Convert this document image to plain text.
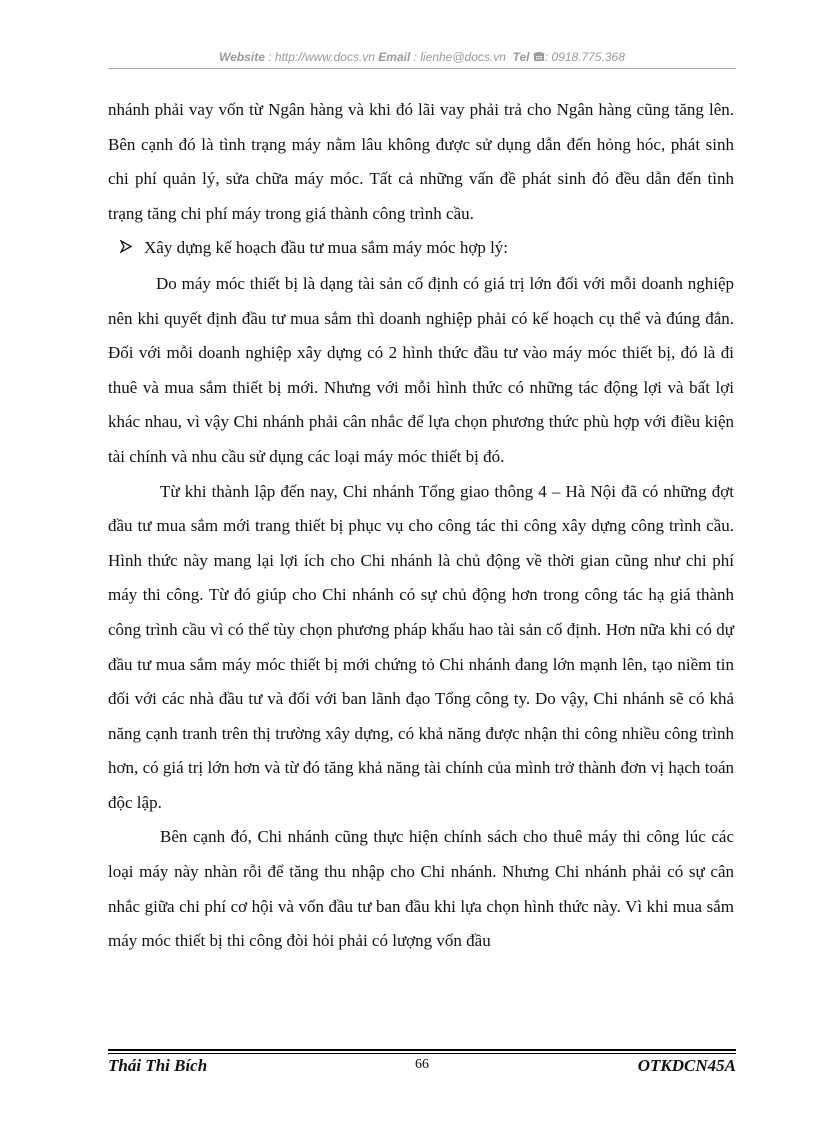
Website : http://www.docs.vn Email : lienhe@docs.vn  Tel : 0918.775.368

nhánh phải vay vốn từ Ngân hàng và khi đó lãi vay phải trả cho Ngân hàng cũng tăng lên. Bên cạnh đó là tình trạng máy nằm lâu không được sử dụng dẫn đến hỏng hóc, phát sinh chi phí quản lý, sửa chữa máy móc. Tất cả những vấn đề phát sinh đó đều dẫn đến tình trạng tăng chi phí máy trong giá thành công trình cầu.

Xây dựng kế hoạch đầu tư mua sắm máy móc hợp lý:

Do máy móc thiết bị là dạng tài sản cố định có giá trị lớn đối với mỗi doanh nghiệp nên khi quyết định đầu tư mua sắm thì doanh nghiệp phải có kế hoạch cụ thể và đúng đắn. Đối với mỗi doanh nghiệp xây dựng có 2 hình thức đầu tư vào máy móc thiết bị, đó là đi thuê và mua sắm thiết bị mới. Nhưng với mỗi hình thức có những tác động lợi và bất lợi khác nhau, vì vậy Chi nhánh phải cân nhắc để lựa chọn phương thức phù hợp với điều kiện tài chính và nhu cầu sử dụng các loại máy móc thiết bị đó.

Từ khi thành lập đến nay, Chi nhánh Tổng giao thông 4 – Hà Nội đã có những đợt đầu tư mua sắm mới trang thiết bị phục vụ cho công tác thi công xây dựng công trình cầu. Hình thức này mang lại lợi ích cho Chi nhánh là chủ động về thời gian cũng như chi phí máy thi công. Từ đó giúp cho Chi nhánh có sự chủ động hơn trong công tác hạ giá thành công trình cầu vì có thể tùy chọn phương pháp khấu hao tài sản cố định. Hơn nữa khi có dự đầu tư mua sắm máy móc thiết bị mới chứng tỏ Chi nhánh đang lớn mạnh lên, tạo niềm tin đối với các nhà đầu tư và đối với ban lãnh đạo Tổng công ty. Do vậy, Chi nhánh sẽ có khả năng cạnh tranh trên thị trường xây dựng, có khả năng được nhận thi công nhiều công trình hơn, có giá trị lớn hơn và từ đó tăng khả năng tài chính của mình trở thành đơn vị hạch toán độc lập.

Bên cạnh đó, Chi nhánh cũng thực hiện chính sách cho thuê máy thi công lúc các loại máy này nhàn rỗi để tăng thu nhập cho Chi nhánh. Nhưng Chi nhánh phải có sự cân nhắc giữa chi phí cơ hội và vốn đầu tư ban đầu khi lựa chọn hình thức này. Vì khi mua sắm máy móc thiết bị thi công đòi hỏi phải có lượng vốn đầu

Thái Thi Bích	66	OTKDCN45A
